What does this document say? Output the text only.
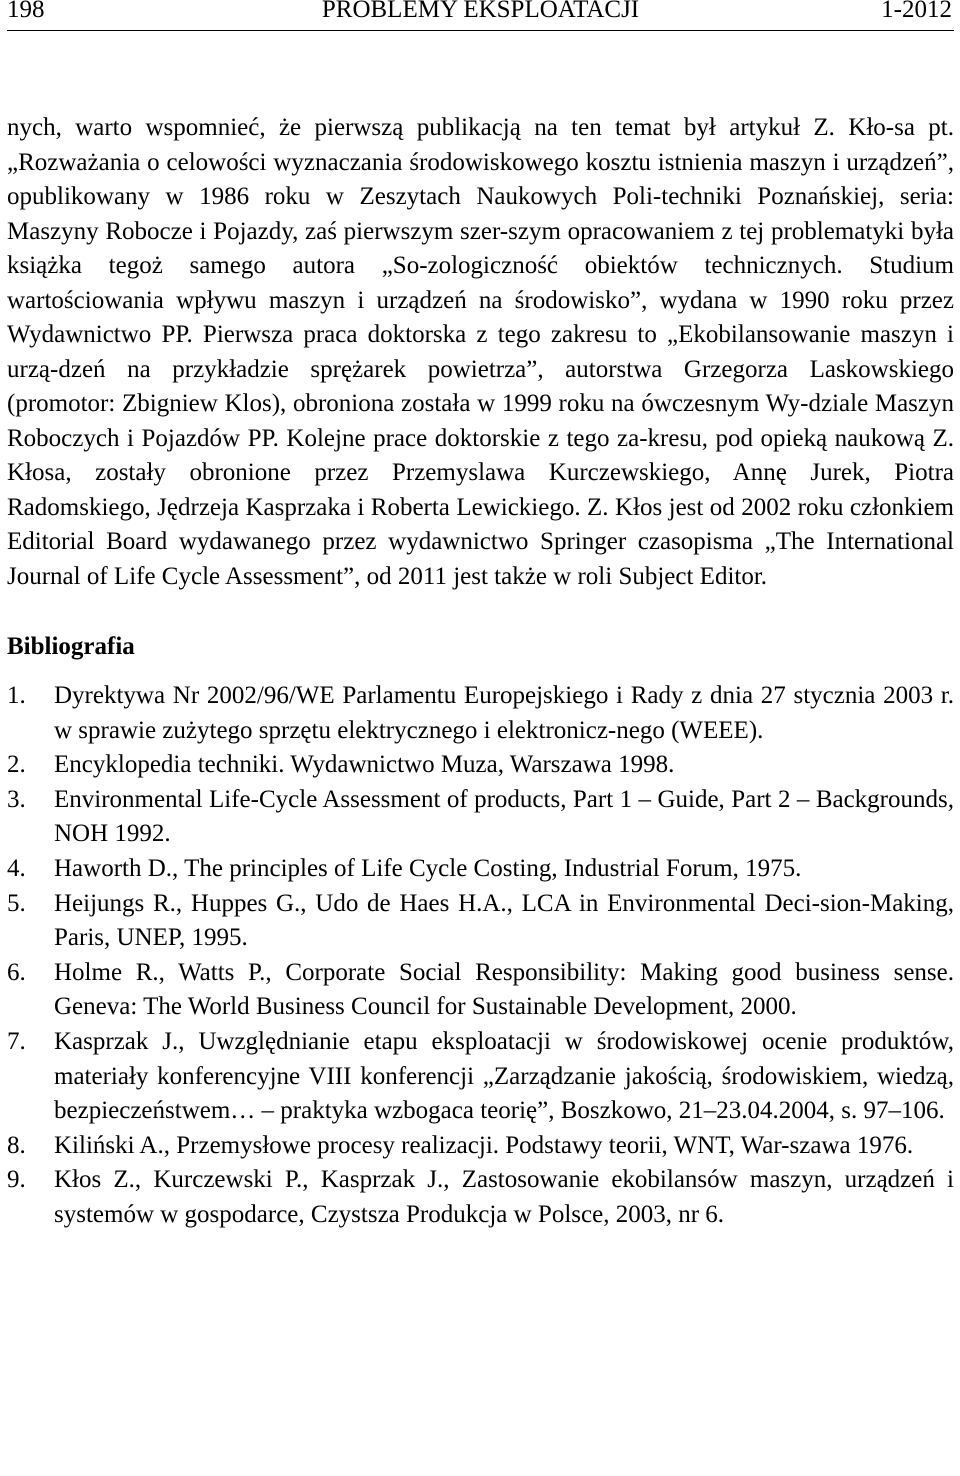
198	PROBLEMY EKSPLOATACJI	1-2012

nych, warto wspomnieć, że pierwszą publikacją na ten temat był artykuł Z. Kło-sa pt. „Rozważania o celowości wyznaczania środowiskowego kosztu istnienia maszyn i urządzeń”, opublikowany w 1986 roku w Zeszytach Naukowych Poli-techniki Poznańskiej, seria: Maszyny Robocze i Pojazdy, zaś pierwszym szer-szym opracowaniem z tej problematyki była książka tegoż samego autora „So-zologiczność obiektów technicznych. Studium wartościowania wpływu maszyn i urządzeń na środowisko”, wydana w 1990 roku przez Wydawnictwo PP. Pierwsza praca doktorska z tego zakresu to „Ekobilansowanie maszyn i urzą-dzeń na przykładzie sprężarek powietrza”, autorstwa Grzegorza Laskowskiego (promotor: Zbigniew Klos), obroniona została w 1999 roku na ówczesnym Wy-dziale Maszyn Roboczych i Pojazdów PP. Kolejne prace doktorskie z tego za-kresu, pod opieką naukową Z. Kłosa, zostały obronione przez Przemyslawa Kurczewskiego, Annę Jurek, Piotra Radomskiego, Jędrzeja Kasprzaka i Roberta Lewickiego. Z. Kłos jest od 2002 roku członkiem Editorial Board wydawanego przez wydawnictwo Springer czasopisma „The International Journal of Life Cycle Assessment”, od 2011 jest także w roli Subject Editor.

Bibliografia
1. Dyrektywa Nr 2002/96/WE Parlamentu Europejskiego i Rady z dnia 27 stycznia 2003 r. w sprawie zużytego sprzętu elektrycznego i elektronicz-nego (WEEE).
2. Encyklopedia techniki. Wydawnictwo Muza, Warszawa 1998.
3. Environmental Life-Cycle Assessment of products, Part 1 – Guide, Part 2 – Backgrounds, NOH 1992.
4. Haworth D., The principles of Life Cycle Costing, Industrial Forum, 1975.
5. Heijungs R., Huppes G., Udo de Haes H.A., LCA in Environmental Deci-sion-Making, Paris, UNEP, 1995.
6. Holme R., Watts P., Corporate Social Responsibility: Making good business sense. Geneva: The World Business Council for Sustainable Development, 2000.
7. Kasprzak J., Uwzględnianie etapu eksploatacji w środowiskowej ocenie produktów, materiały konferencyjne VIII konferencji „Zarządzanie jakością, środowiskiem, wiedzą, bezpieczeństwem… – praktyka wzbogaca teorię”, Boszkowo, 21–23.04.2004, s. 97–106.
8. Kiliński A., Przemysłowe procesy realizacji. Podstawy teorii, WNT, War-szawa 1976.
9. Kłos Z., Kurczewski P., Kasprzak J., Zastosowanie ekobilansów maszyn, urządzeń i systemów w gospodarce, Czystsza Produkcja w Polsce, 2003, nr 6.
